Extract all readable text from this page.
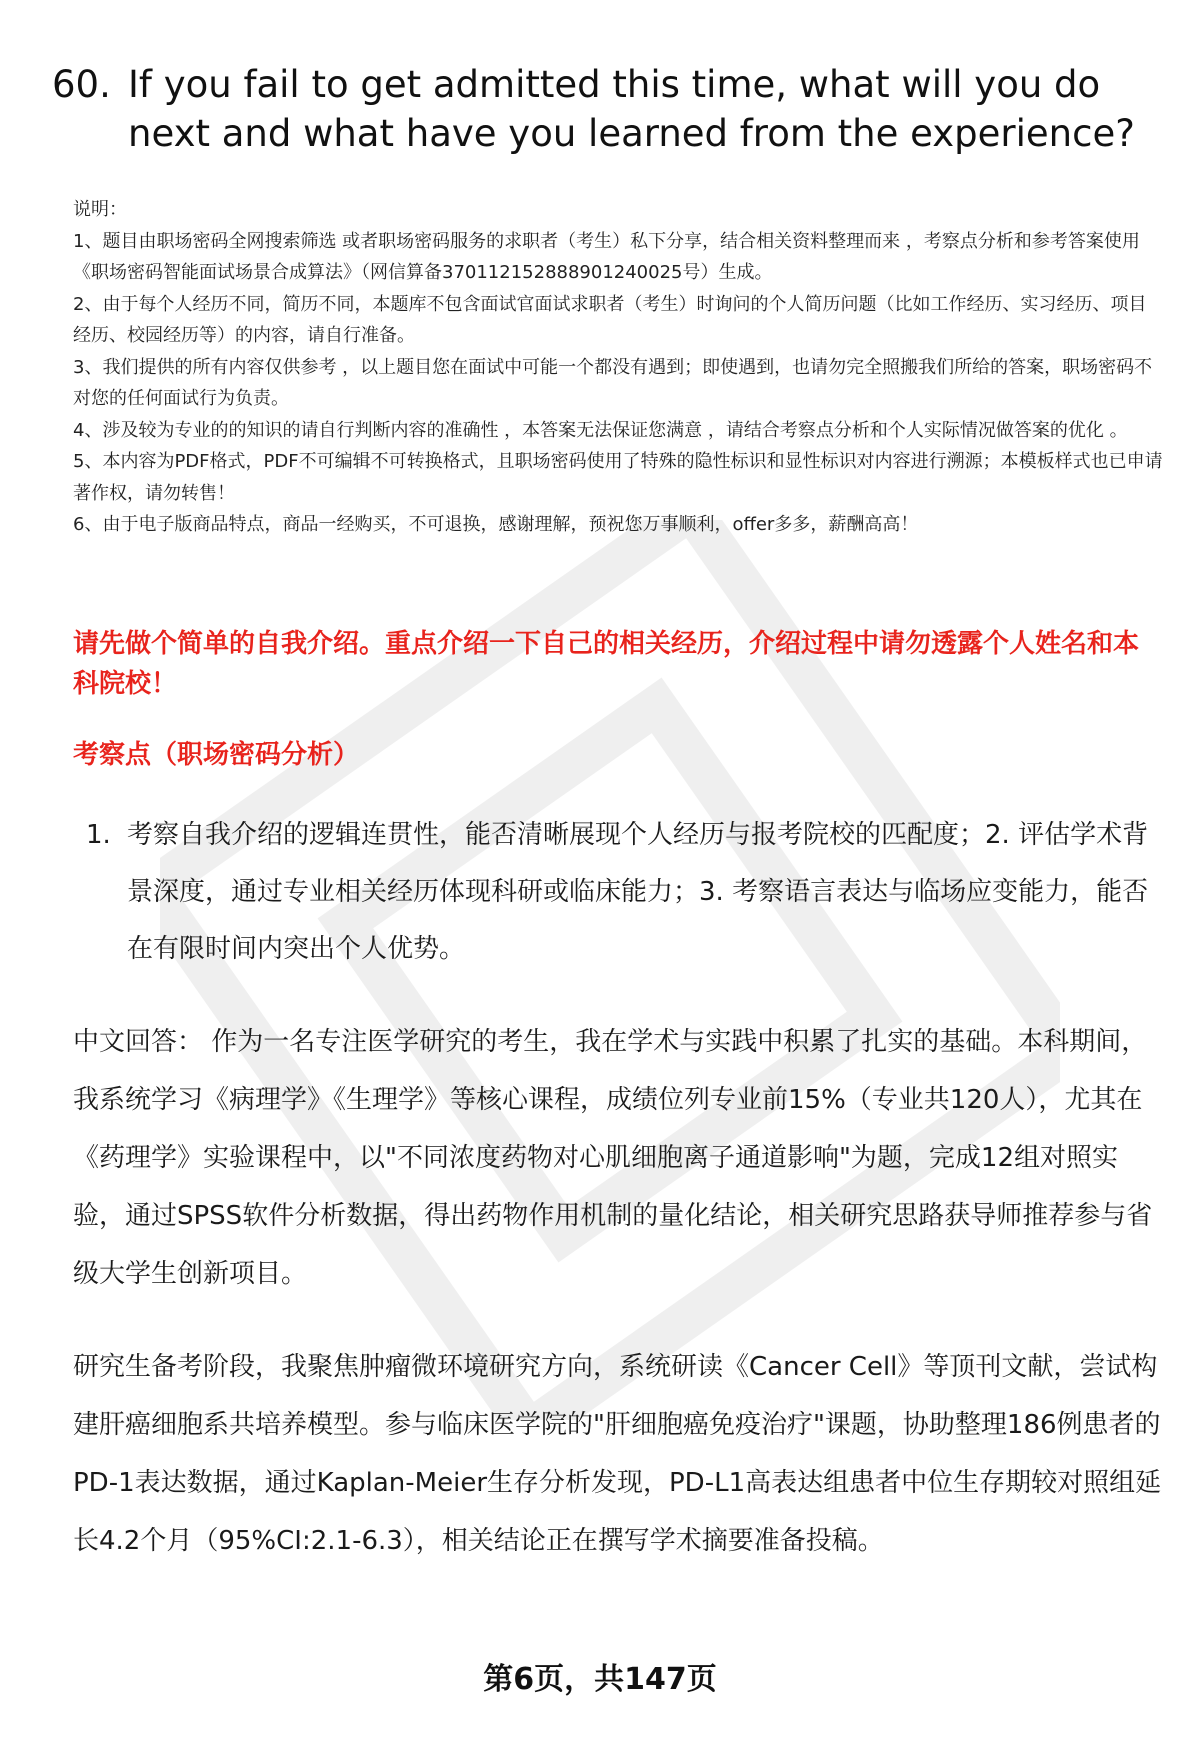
60. If you fail to get admitted this time, what will you do next and what have you learned from the experience?
说明：

1、题目由职场密码全网搜索筛选 或者职场密码服务的求职者（考生）私下分享，结合相关资料整理而来 ，考察点分析和参考答案使用《职场密码智能面试场景合成算法》（网信算备370112152888901240025号）生成。

2、由于每个人经历不同，简历不同，本题库不包含面试官面试求职者（考生）时询问的个人简历问题（比如工作经历、实习经历、项目经历、校园经历等）的内容，请自行准备。

3、我们提供的所有内容仅供参考 ，以上题目您在面试中可能一个都没有遇到；即使遇到，也请勿完全照搬我们所给的答案，职场密码不对您的任何面试行为负责。

4、涉及较为专业的的知识的请自行判断内容的准确性 ，本答案无法保证您满意 ，请结合考察点分析和个人实际情况做答案的优化 。

5、本内容为PDF格式，PDF不可编辑不可转换格式，且职场密码使用了特殊的隐性标识和显性标识对内容进行溯源；本模板样式也已申请著作权，请勿转售！

6、由于电子版商品特点，商品一经购买，不可退换，感谢理解，预祝您万事顺利，offer多多，薪酬高高！

请先做个简单的自我介绍。重点介绍一下自己的相关经历，介绍过程中请勿透露个人姓名和本科院校！
考察点（职场密码分析）
1. 考察自我介绍的逻辑连贯性，能否清晰展现个人经历与报考院校的匹配度；2. 评估学术背景深度，通过专业相关经历体现科研或临床能力；3. 考察语言表达与临场应变能力，能否在有限时间内突出个人优势。

中文回答： 作为一名专注医学研究的考生，我在学术与实践中积累了扎实的基础。本科期间，我系统学习《病理学》《生理学》等核心课程，成绩位列专业前15%（专业共120人），尤其在《药理学》实验课程中，以"不同浓度药物对心肌细胞离子通道影响"为题，完成12组对照实验，通过SPSS软件分析数据，得出药物作用机制的量化结论，相关研究思路获导师推荐参与省级大学生创新项目。

研究生备考阶段，我聚焦肿瘤微环境研究方向，系统研读《Cancer Cell》等顶刊文献，尝试构建肝癌细胞系共培养模型。参与临床医学院的"肝细胞癌免疫治疗"课题，协助整理186例患者的PD-1表达数据，通过Kaplan-Meier生存分析发现，PD-L1高表达组患者中位生存期较对照组延长4.2个月（95%CI:2.1-6.3），相关结论正在撰写学术摘要准备投稿。

第6页，共147页
